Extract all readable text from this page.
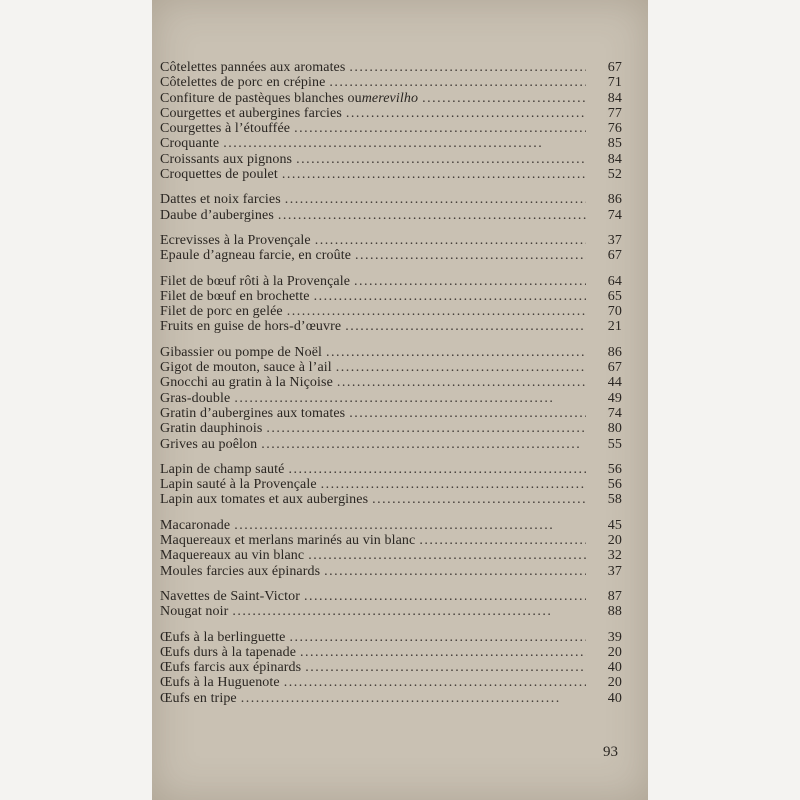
Côtelettes pannées aux aromates . . .	67
Côtelettes de porc en crépine . . .	71
Confiture de pastèques blanches ou merevilho . . .	84
Courgettes et aubergines farcies . . .	77
Courgettes à l’étouffée . . .	76
Croquante . . .	85
Croissants aux pignons . . .	84
Croquettes de poulet . . .	52
Dattes et noix farcies . . .	86
Daube d’aubergines . . .	74
Ecrevisses à la Provençale . . .	37
Epaule d’agneau farcie, en croûte . . .	67
Filet de bœuf rôti à la Provençale . . .	64
Filet de bœuf en brochette . . .	65
Filet de porc en gelée . . .	70
Fruits en guise de hors-d’œuvre . . .	21
Gibassier ou pompe de Noël . . .	86
Gigot de mouton, sauce à l’ail . . .	67
Gnocchi au gratin à la Niçoise . . .	44
Gras-double . . .	49
Gratin d’aubergines aux tomates . . .	74
Gratin dauphinois . . .	80
Grives au poêlon . . .	55
Lapin de champ sauté . . .	56
Lapin sauté à la Provençale . . .	56
Lapin aux tomates et aux aubergines . . .	58
Macaronade . . .	45
Maquereaux et merlans marinés au vin blanc . . .	20
Maquereaux au vin blanc . . .	32
Moules farcies aux épinards . . .	37
Navettes de Saint-Victor . . .	87
Nougat noir . . .	88
Œufs à la berlinguette . . .	39
Œufs durs à la tapenade . . .	20
Œufs farcis aux épinards . . .	40
Œufs à la Huguenote . . .	20
Œufs en tripe . . .	40
93
